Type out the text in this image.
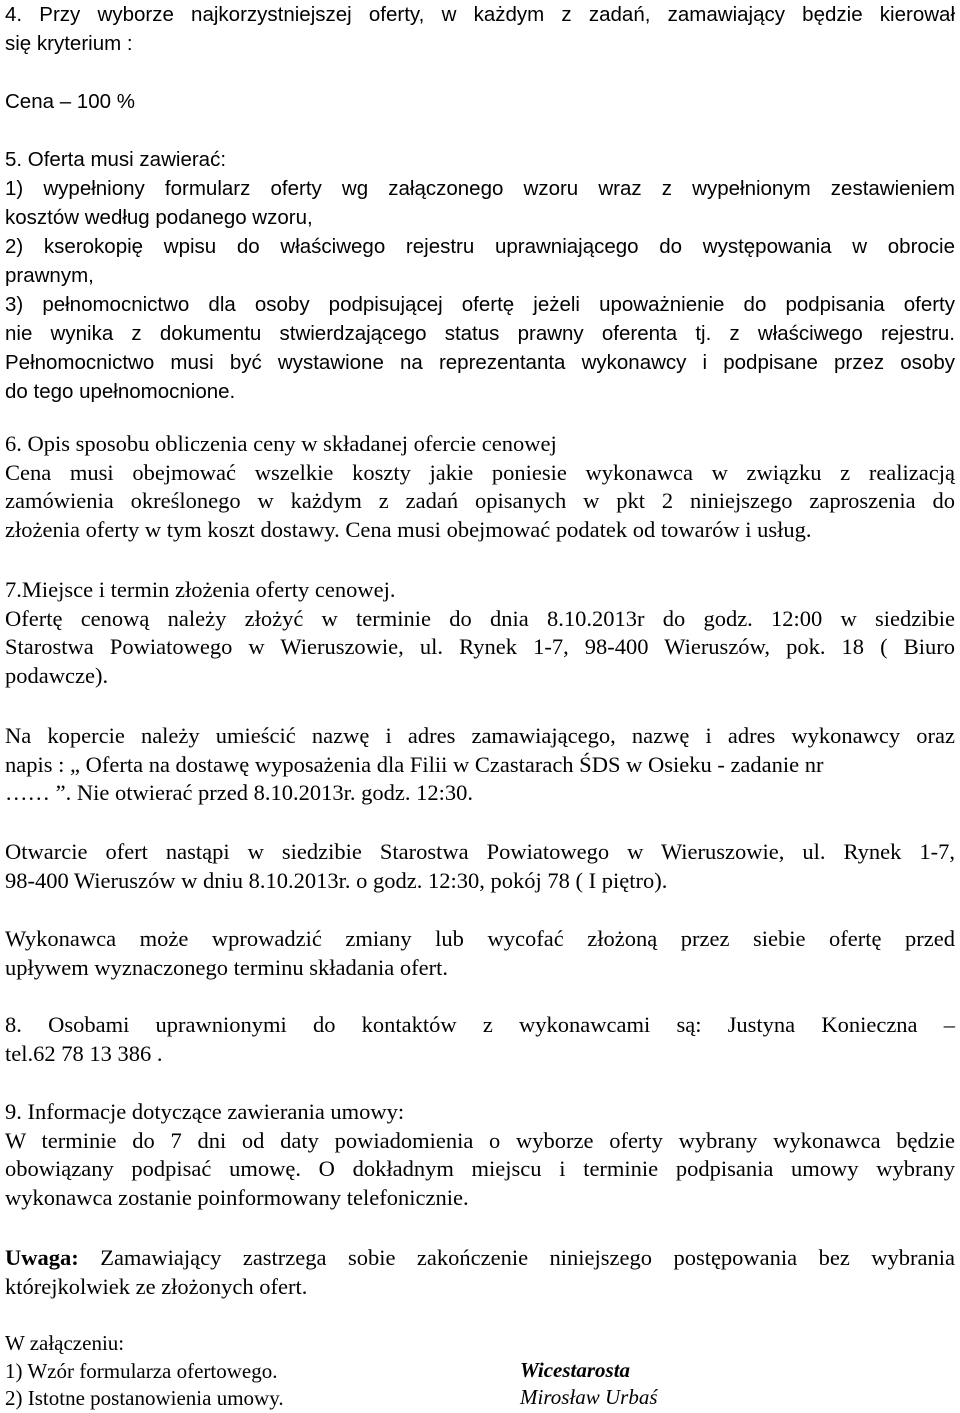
4. Przy wyborze najkorzystniejszej oferty, w każdym z zadań, zamawiający będzie kierował
się kryterium :
Cena – 100 %
5. Oferta musi zawierać:
1) wypełniony formularz oferty wg załączonego wzoru wraz z wypełnionym zestawieniem
kosztów według podanego wzoru,
2) kserokopię wpisu do właściwego rejestru uprawniającego do występowania w obrocie
prawnym,
3) pełnomocnictwo dla osoby podpisującej ofertę jeżeli upoważnienie do podpisania oferty
nie wynika z dokumentu stwierdzającego status prawny oferenta tj. z właściwego rejestru.
Pełnomocnictwo musi być wystawione na reprezentanta wykonawcy i podpisane przez osoby
do tego upełnomocnione.
6. Opis sposobu obliczenia ceny w składanej ofercie cenowej
Cena musi obejmować wszelkie koszty jakie poniesie wykonawca w związku z realizacją
zamówienia określonego w każdym z zadań opisanych w pkt 2 niniejszego zaproszenia do
złożenia oferty w tym koszt dostawy. Cena musi obejmować podatek od towarów i usług.
7.Miejsce i termin złożenia oferty cenowej.
Ofertę cenową należy złożyć w terminie do dnia 8.10.2013r do godz. 12:00 w siedzibie
Starostwa Powiatowego w Wieruszowie, ul. Rynek 1-7, 98-400 Wieruszów, pok. 18 ( Biuro
podawcze).
Na kopercie należy umieścić nazwę i adres zamawiającego, nazwę i adres wykonawcy oraz
napis : „ Oferta na dostawę wyposażenia dla Filii w Czastarach ŚDS w Osieku - zadanie nr
…… ”. Nie otwierać przed 8.10.2013r. godz. 12:30.
Otwarcie ofert nastąpi w siedzibie Starostwa Powiatowego w Wieruszowie, ul. Rynek 1-7,
98-400 Wieruszów w dniu 8.10.2013r. o godz. 12:30, pokój 78 ( I piętro).
Wykonawca może wprowadzić zmiany lub wycofać złożoną przez siebie ofertę przed
upływem wyznaczonego terminu składania ofert.
8. Osobami uprawnionymi do kontaktów z wykonawcami są: Justyna Konieczna –
tel.62 78 13 386 .
9. Informacje dotyczące zawierania umowy:
W terminie do 7 dni od daty powiadomienia o wyborze oferty wybrany wykonawca będzie
obowiązany podpisać umowę. O dokładnym miejscu i terminie podpisania umowy wybrany
wykonawca zostanie poinformowany telefonicznie.
Uwaga: Zamawiający zastrzega sobie zakończenie niniejszego postępowania bez wybrania
którejkolwiek ze złożonych ofert.
W załączeniu:
1) Wzór formularza ofertowego.
2) Istotne postanowienia umowy.
Wicestarosta
Mirosław Urbaś
